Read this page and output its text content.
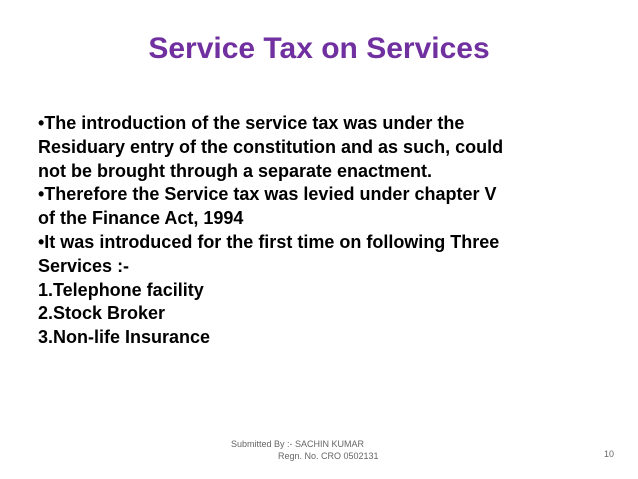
Service Tax on Services
•The introduction of the service tax was under the
Residuary entry of the constitution and as such, could
not be brought through a separate enactment.
•Therefore the Service tax was levied under chapter V
of the Finance Act, 1994
•It was introduced for the first time on following Three
Services :-
1.Telephone facility
2.Stock Broker
3.Non-life Insurance
Submitted By :- SACHIN KUMAR
Regn. No. CRO 0502131	10
